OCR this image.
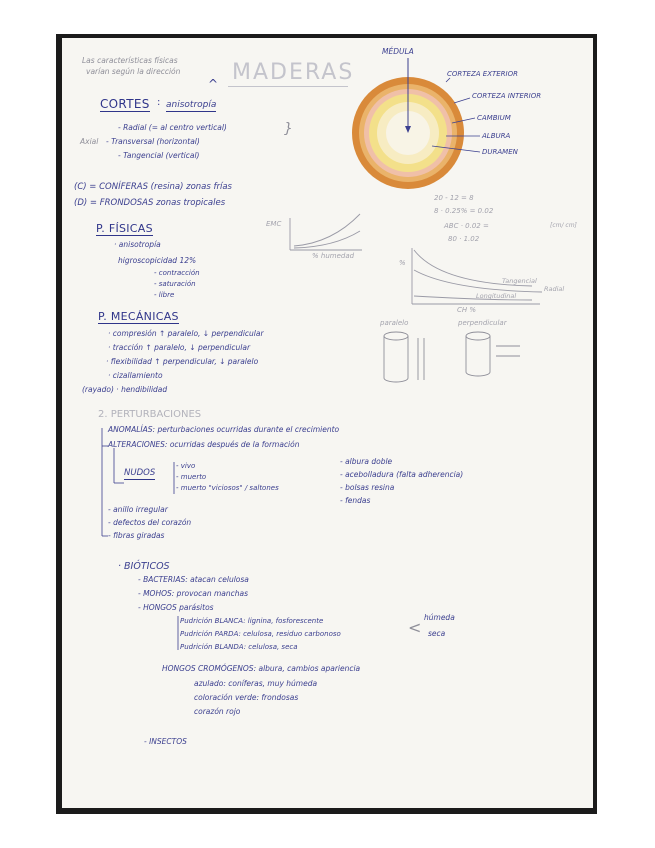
Las características físicas
varían según la dirección MADERAS
^
CORTES : anisotropía
- Radial (= al centro vertical)
Axial - Transversal (horizontal)
- Tangencial (vertical)
}
(C) = CONÍFERAS (resina) zonas frías
(D) = FRONDOSAS zonas tropicales
MÉDULA
CORTEZA EXTERIOR
CORTEZA INTERIOR
CAMBIUM
ALBURA
DURAMEN
P. FÍSICAS
· anisotropía
higroscopicidad 12%
- contracción
- saturación
- libre
EMC
% humedad
20 - 12 = 8
8 · 0.25% = 0.02
ABC · 0.02 =
80 · 1.02
[cm/ cm]
%
Tangencial
Radial
Longitudinal
CH %
P. MECÁNICAS
· compresión ↑ paralelo, ↓ perpendicular
· tracción ↑ paralelo, ↓ perpendicular
· flexibilidad ↑ perpendicular, ↓ paralelo
· cizallamiento
(rayado) · hendibilidad
paralelo	perpendicular
2. PERTURBACIONES
ANOMALÍAS: perturbaciones ocurridas durante el crecimiento
ALTERACIONES: ocurridas después de la formación
NUDOS
- vivo
- muerto
- muerto "viciosos" / saltones
- albura doble
- acebolladura (falta adherencia)
- bolsas resina
- fendas
- anillo irregular
- defectos del corazón
- fibras giradas
· BIÓTICOS
- BACTERIAS: atacan celulosa
- MOHOS: provocan manchas
- HONGOS parásitos
Pudrición BLANCA: lignina, fosforescente
Pudrición PARDA: celulosa, residuo carbonoso
Pudrición BLANDA: celulosa, seca
<
húmeda
seca
HONGOS CROMÓGENOS: albura, cambios apariencia
azulado: coníferas, muy húmeda
coloración verde: frondosas
corazón rojo
- INSECTOS
